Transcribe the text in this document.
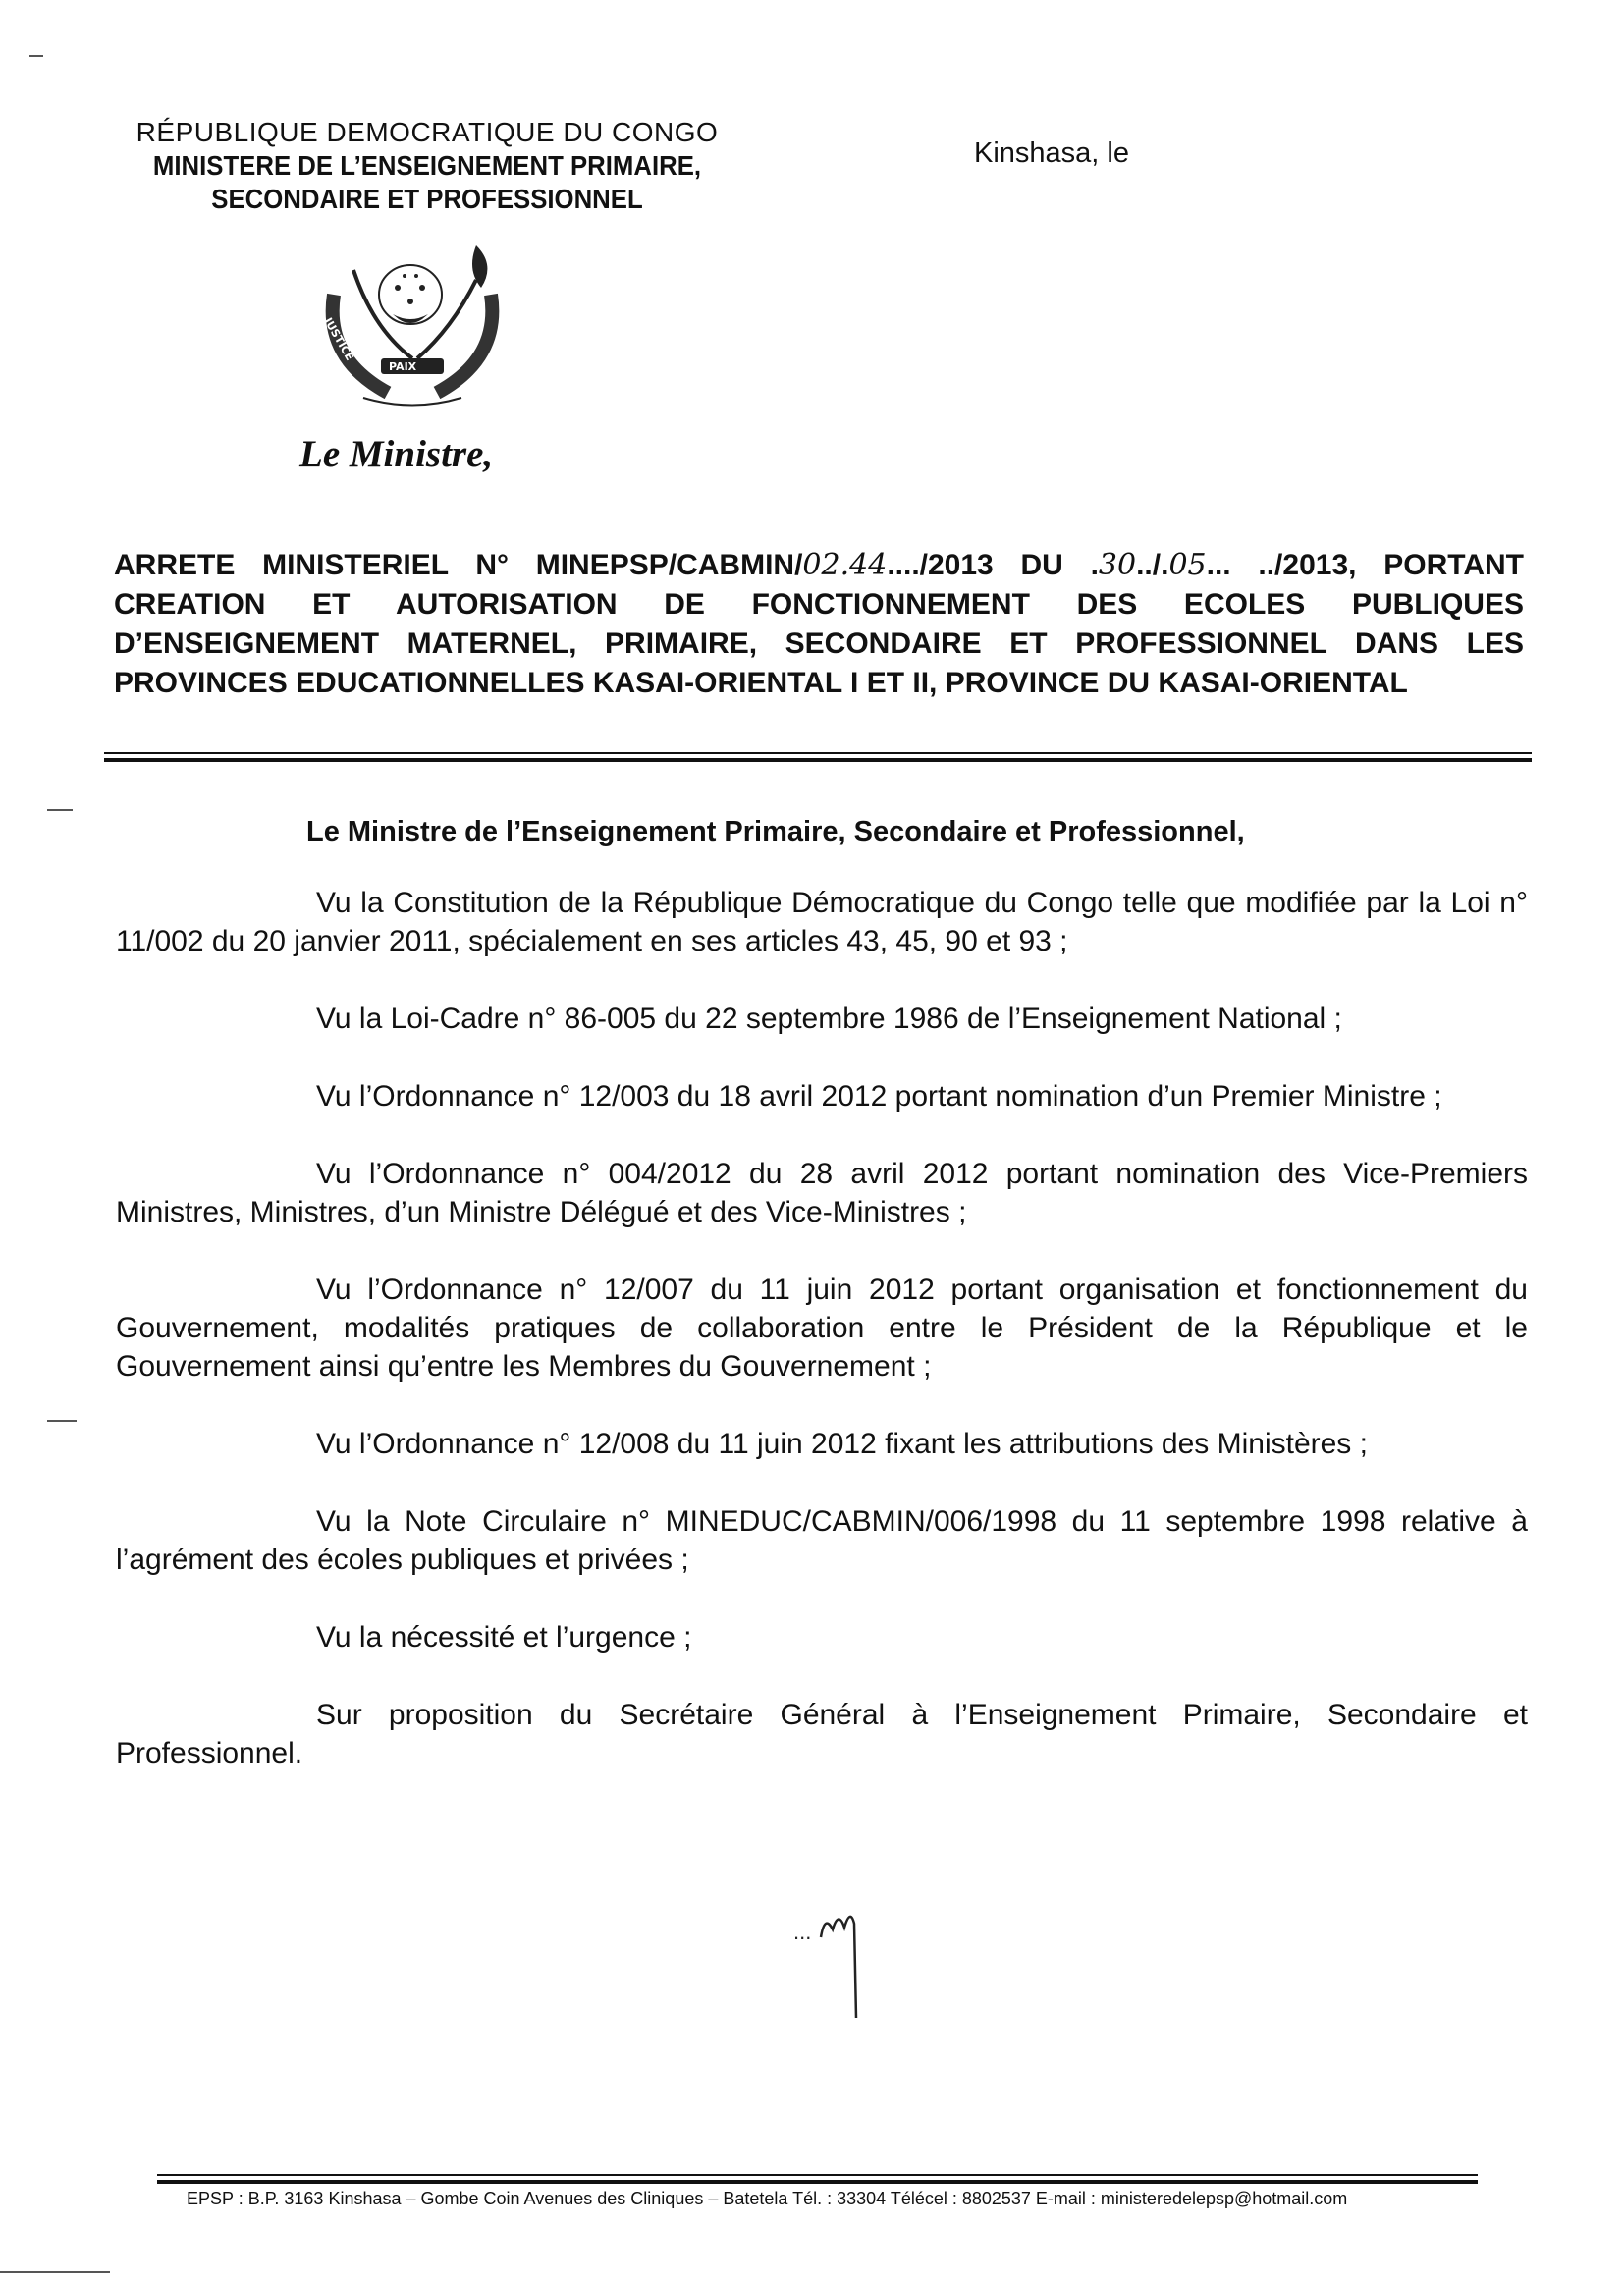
RÉPUBLIQUE DEMOCRATIQUE DU CONGO
MINISTERE DE L’ENSEIGNEMENT PRIMAIRE,
SECONDAIRE ET PROFESSIONNEL
Kinshasa, le
JUSTICE
PAIX	TRAVAIL
Le Ministre,
ARRETE MINISTERIEL N° MINEPSP/CABMIN/02.44..../2013 DU .30../.05... ../2013, PORTANT CREATION ET AUTORISATION DE FONCTIONNEMENT DES ECOLES PUBLIQUES D’ENSEIGNEMENT MATERNEL, PRIMAIRE, SECONDAIRE ET PROFESSIONNEL DANS LES PROVINCES EDUCATIONNELLES KASAI-ORIENTAL I ET II, PROVINCE DU KASAI-ORIENTAL
Le Ministre de l’Enseignement Primaire, Secondaire et Professionnel,

Vu la Constitution de la République Démocratique du Congo telle que modifiée par la Loi n° 11/002 du 20 janvier 2011, spécialement en ses articles 43, 45, 90 et 93 ;

Vu la Loi-Cadre n° 86-005 du 22 septembre 1986 de l’Enseignement National ;

Vu l’Ordonnance n° 12/003 du 18 avril 2012 portant nomination d’un Premier Ministre ;

Vu l’Ordonnance n° 004/2012 du 28 avril 2012 portant nomination des Vice-Premiers Ministres, Ministres, d’un Ministre Délégué et des Vice-Ministres ;

Vu l’Ordonnance n° 12/007 du 11 juin 2012 portant organisation et fonctionnement du Gouvernement, modalités pratiques de collaboration entre le Président de la République et le Gouvernement ainsi qu’entre les Membres du Gouvernement ;

Vu l’Ordonnance n° 12/008 du 11 juin 2012 fixant les attributions des Ministères ;

Vu la Note Circulaire n° MINEDUC/CABMIN/006/1998 du 11 septembre 1998 relative à l’agrément des écoles publiques et privées ;

Vu la nécessité et l’urgence ;

Sur proposition du Secrétaire Général à l’Enseignement Primaire, Secondaire et Professionnel.

...
EPSP : B.P. 3163 Kinshasa – Gombe Coin Avenues des Cliniques – Batetela Tél. : 33304 Télécel : 8802537 E-mail : ministeredelepsp@hotmail.com
